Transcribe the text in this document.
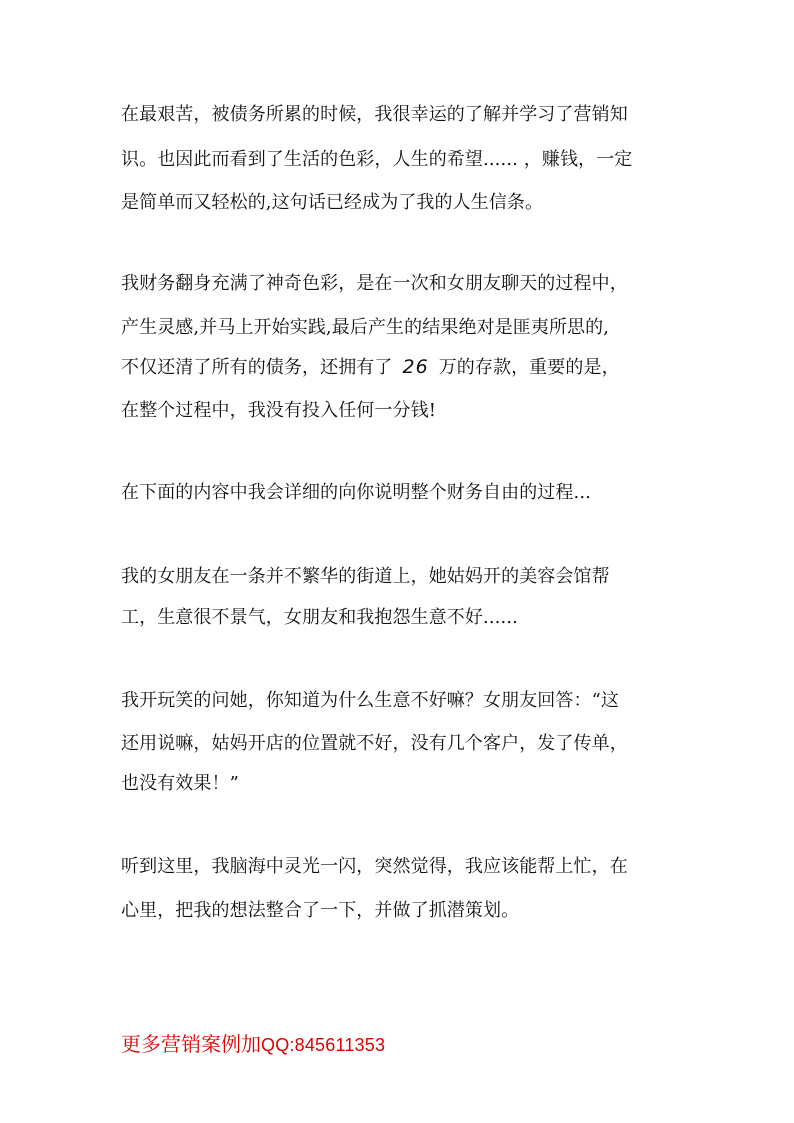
在最艰苦，被债务所累的时候，我很幸运的了解并学习了营销知
识。也因此而看到了生活的色彩，人生的希望...... ，赚钱，一定
是简单而又轻松的,这句话已经成为了我的人生信条。
我财务翻身充满了神奇色彩，是在一次和女朋友聊天的过程中，
产生灵感,并马上开始实践,最后产生的结果绝对是匪夷所思的,
不仅还清了所有的债务，还拥有了 26 万的存款，重要的是，
在整个过程中，我没有投入任何一分钱!
在下面的内容中我会详细的向你说明整个财务自由的过程...
我的女朋友在一条并不繁华的街道上，她姑妈开的美容会馆帮
工，生意很不景气，女朋友和我抱怨生意不好......
我开玩笑的问她，你知道为什么生意不好嘛？女朋友回答：“这
还用说嘛，姑妈开店的位置就不好，没有几个客户，发了传单，
也没有效果！”
听到这里，我脑海中灵光一闪，突然觉得，我应该能帮上忙，在
心里，把我的想法整合了一下，并做了抓潜策划。
更多营销案例加QQ:845611353
